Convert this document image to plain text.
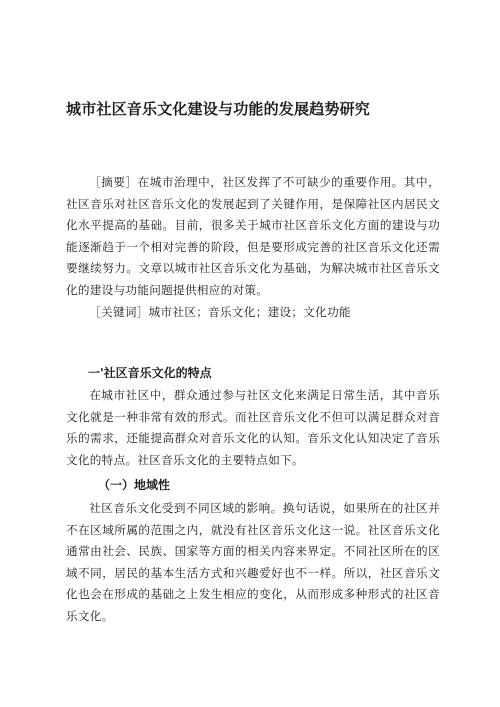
城市社区音乐文化建设与功能的发展趋势研究

［摘要］在城市治理中，社区发挥了不可缺少的重要作用。其中，社区音乐对社区音乐文化的发展起到了关键作用，是保障社区内居民文化水平提高的基础。目前，很多关于城市社区音乐文化方面的建设与功能逐渐趋于一个相对完善的阶段，但是要形成完善的社区音乐文化还需要继续努力。文章以城市社区音乐文化为基础，为解决城市社区音乐文化的建设与功能问题提供相应的对策。

［关键词］城市社区；音乐文化；建设；文化功能

一'社区音乐文化的特点

在城市社区中，群众通过参与社区文化来满足日常生活，其中音乐文化就是一种非常有效的形式。而社区音乐文化不但可以满足群众对音乐的需求，还能提高群众对音乐文化的认知。音乐文化认知决定了音乐文化的特点。社区音乐文化的主要特点如下。

（一）地域性

社区音乐文化受到不同区域的影响。换句话说，如果所在的社区并不在区域所属的范围之内，就没有社区音乐文化这一说。社区音乐文化通常由社会、民族、国家等方面的相关内容来界定。不同社区所在的区域不同，居民的基本生活方式和兴趣爱好也不一样。所以，社区音乐文化也会在形成的基础之上发生相应的变化，从而形成多种形式的社区音乐文化。
